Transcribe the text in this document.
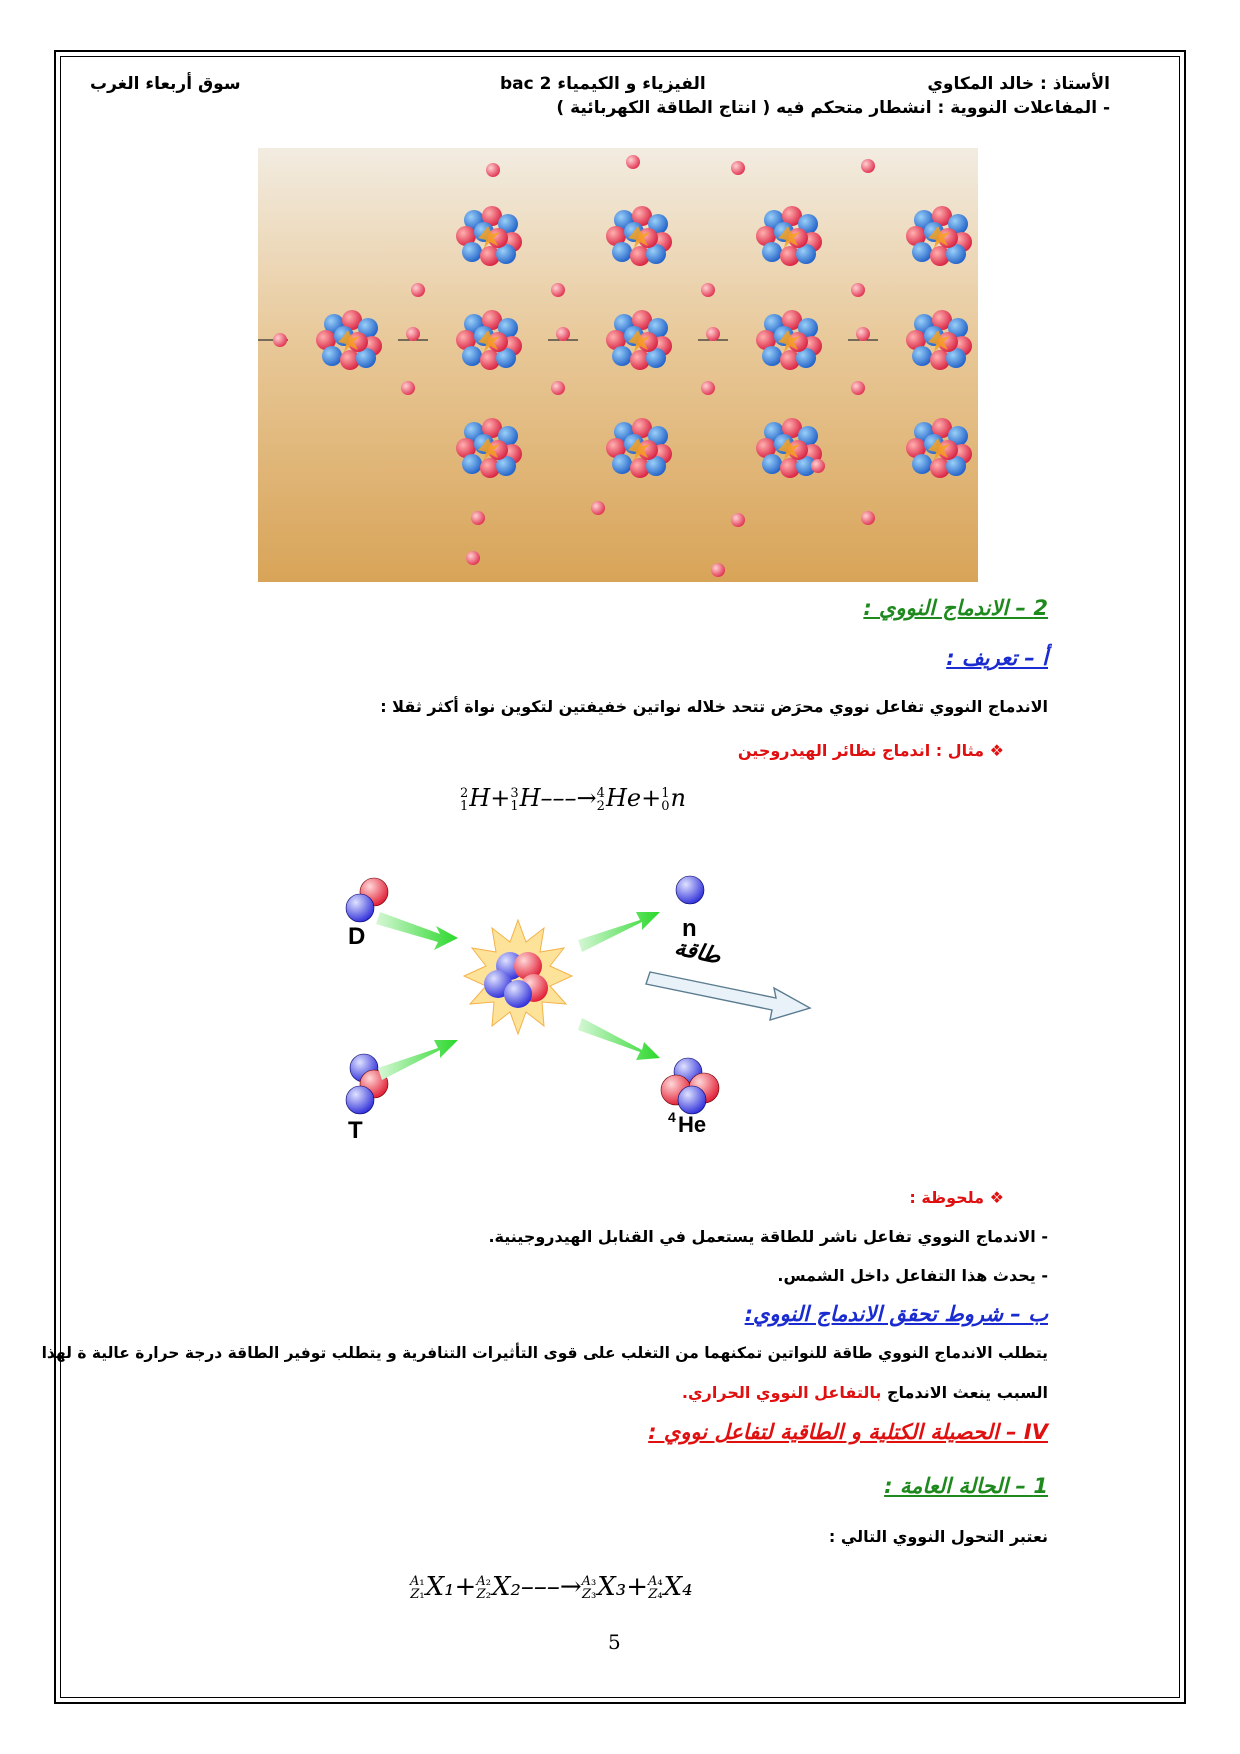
الأستاذ : خالد المكاوي
الفيزياء و الكيمياء 2 bac
سوق أربعاء الغرب
- المفاعلات النووية : انشطار متحكم فيه ( انتاج الطاقة الكهربائية )
2 – الاندماج النووي :
أ – تعريف :
الاندماج النووي تفاعل نووي محرَض تتحد خلاله نواتين خفيفتين لتكوين نواة أكثر ثقلا :
❖ مثال : اندماج نظائر الهيدروجين
2
1 H+ 3
1 H–––→ 4
2 He+ 1
0 n
D
T
n
4 He
طاقة
❖ ملحوظة :
- الاندماج النووي تفاعل ناشر للطاقة يستعمل في القنابل الهيدروجينية.
- يحدث هذا التفاعل داخل الشمس.
ب – شروط تحقق الاندماج النووي:
يتطلب الاندماج النووي طاقة للنواتين تمكنهما من التغلب على قوى التأثيرات التنافرية و يتطلب توفير الطاقة درجة حرارة عالية ة لهذا
السبب ينعث الاندماج بالتفاعل النووي الحراري.
IV – الحصيلة الكتلية و الطاقية لتفاعل نووي :
1 – الحالة العامة :
نعتبر التحول النووي التالي :
A₁
Z₁ X₁+ A₂
Z₂ X₂–––→ A₃
Z₃ X₃+ A₄
Z₄ X₄
5
